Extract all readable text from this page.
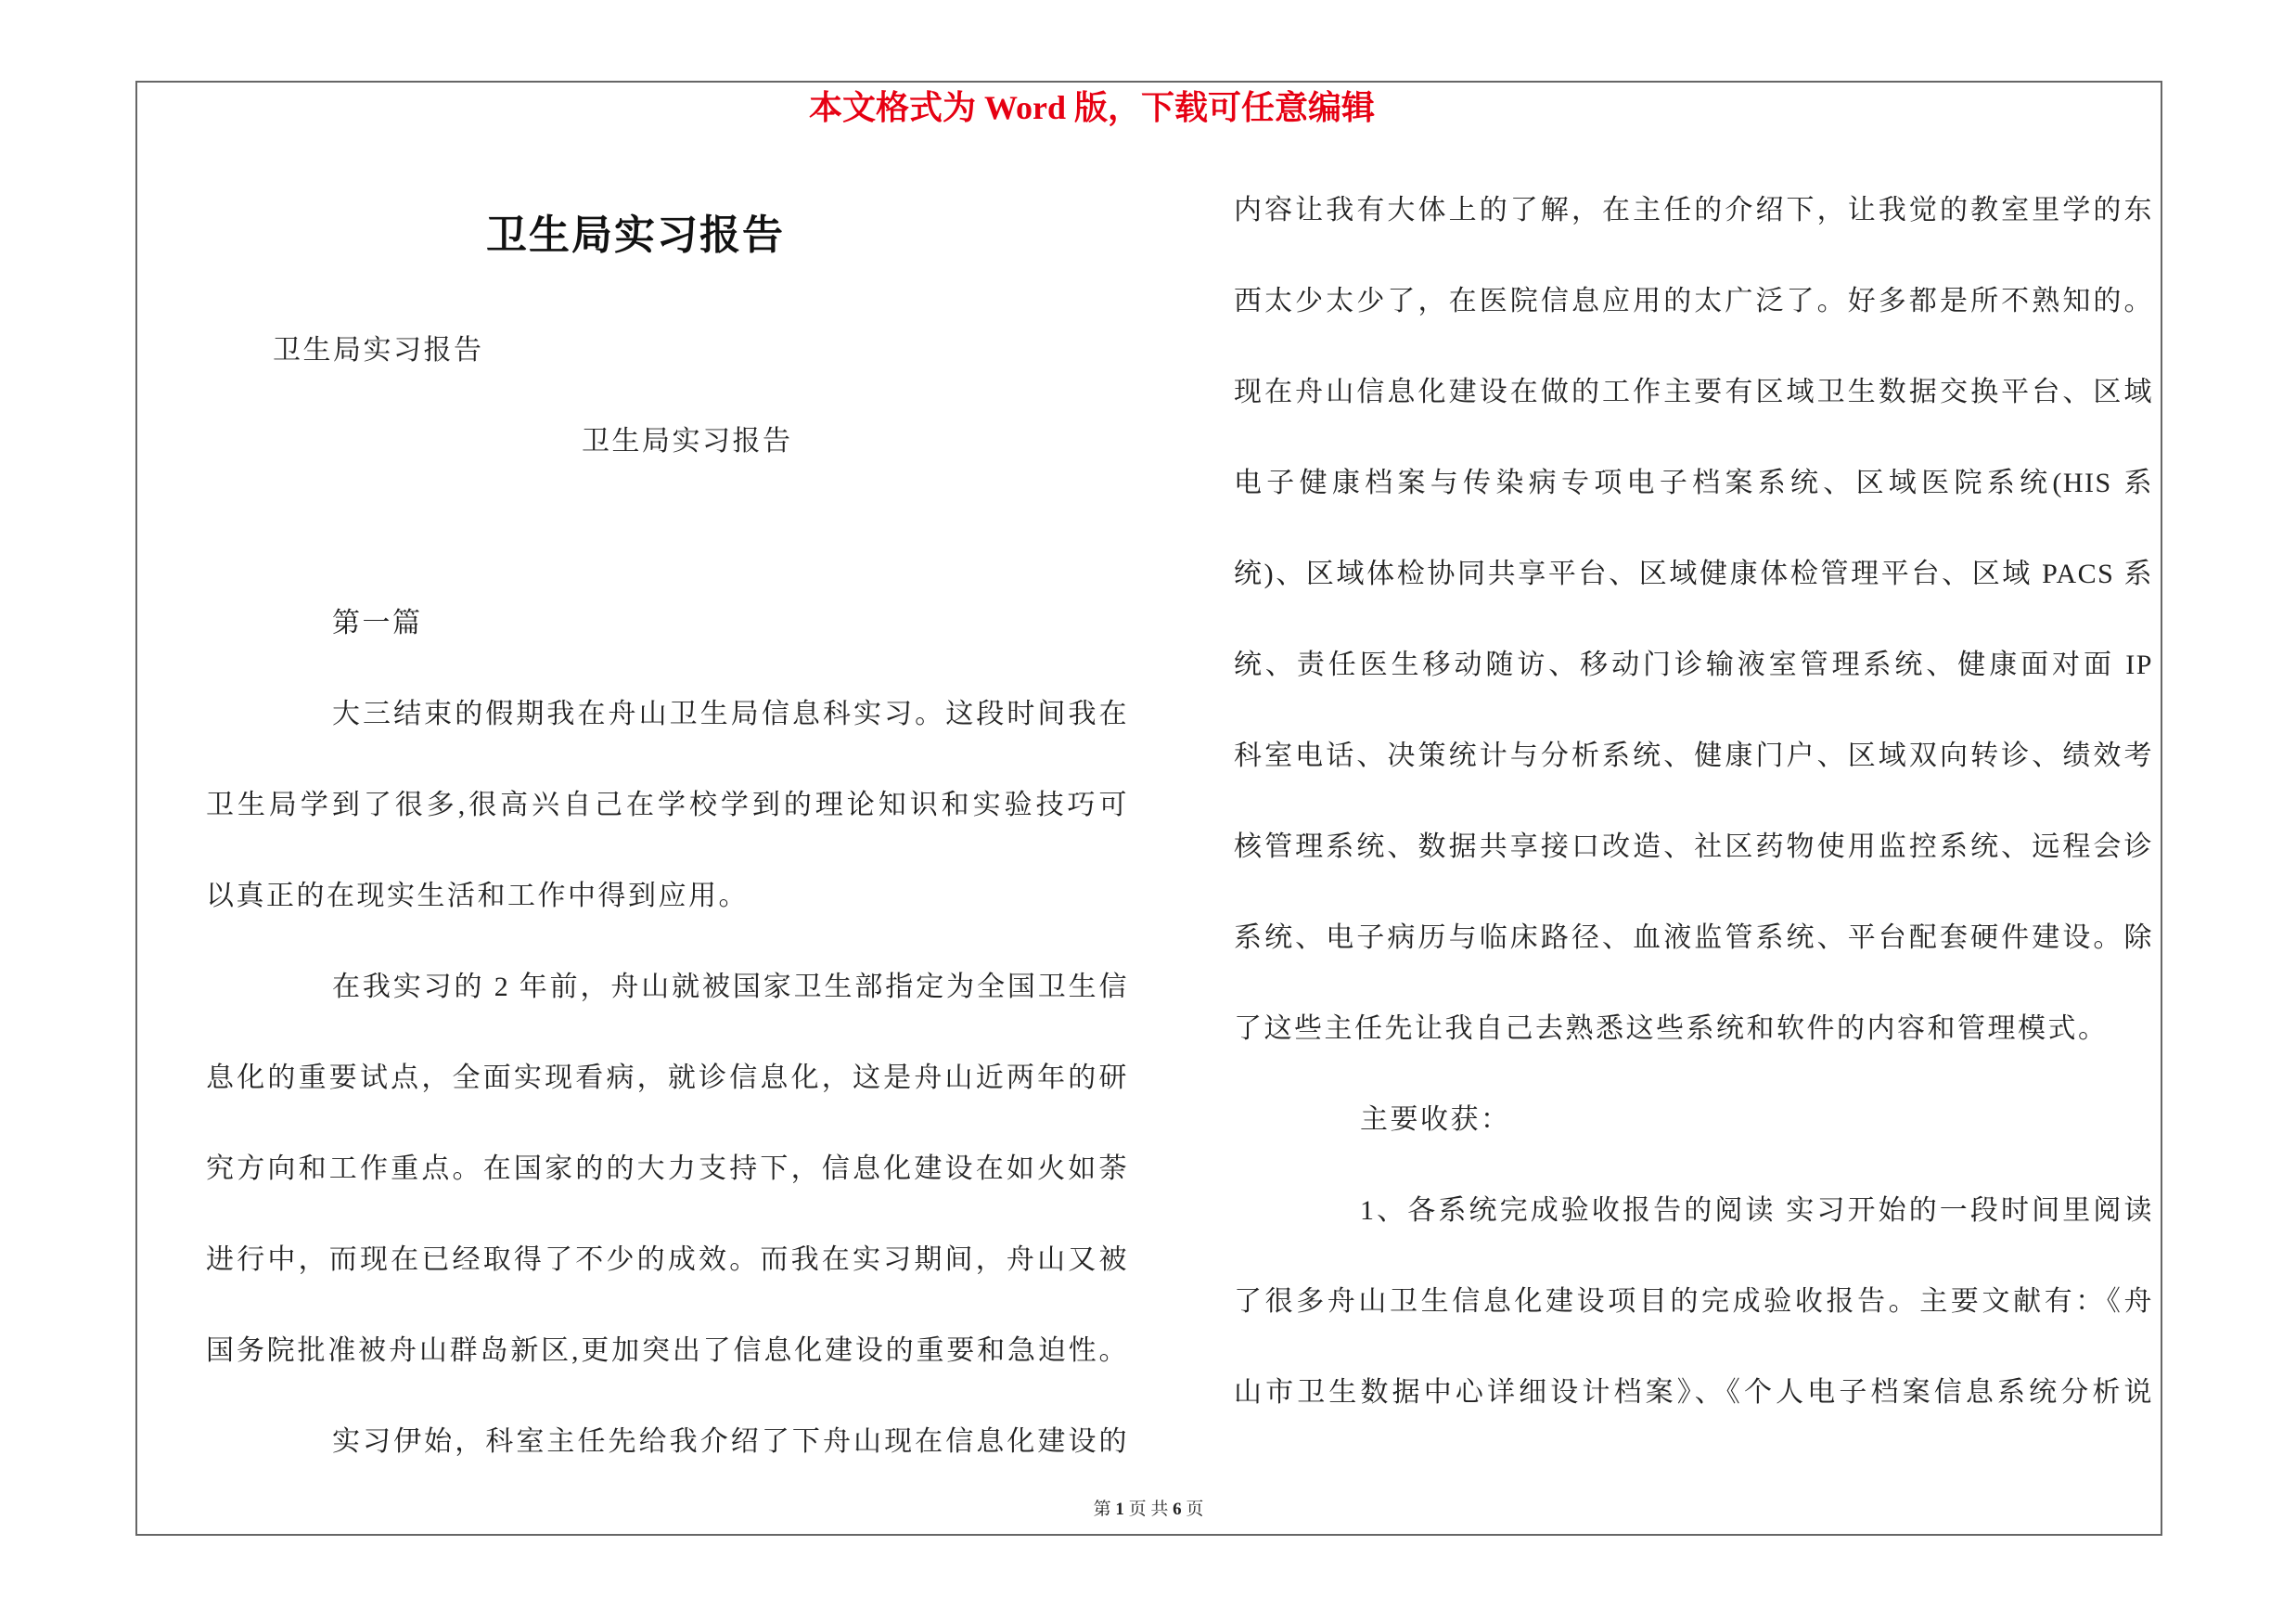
本文格式为 Word 版，下载可任意编辑
卫生局实习报告
卫生局实习报告
卫生局实习报告
第一篇
大三结束的假期我在舟山卫生局信息科实习。这段时间我在
卫生局学到了很多,很高兴自己在学校学到的理论知识和实验技巧可
以真正的在现实生活和工作中得到应用。
在我实习的 2 年前，舟山就被国家卫生部指定为全国卫生信
息化的重要试点，全面实现看病，就诊信息化，这是舟山近两年的研
究方向和工作重点。在国家的的大力支持下，信息化建设在如火如荼
进行中，而现在已经取得了不少的成效。而我在实习期间，舟山又被
国务院批准被舟山群岛新区,更加突出了信息化建设的重要和急迫性。
实习伊始，科室主任先给我介绍了下舟山现在信息化建设的
内容让我有大体上的了解，在主任的介绍下，让我觉的教室里学的东
西太少太少了，在医院信息应用的太广泛了。好多都是所不熟知的。
现在舟山信息化建设在做的工作主要有区域卫生数据交换平台、区域
电子健康档案与传染病专项电子档案系统、区域医院系统(HIS 系
统)、区域体检协同共享平台、区域健康体检管理平台、区域 PACS 系
统、责任医生移动随访、移动门诊输液室管理系统、健康面对面 IP
科室电话、决策统计与分析系统、健康门户、区域双向转诊、绩效考
核管理系统、数据共享接口改造、社区药物使用监控系统、远程会诊
系统、电子病历与临床路径、血液监管系统、平台配套硬件建设。除
了这些主任先让我自己去熟悉这些系统和软件的内容和管理模式。
主要收获：
1、各系统完成验收报告的阅读 实习开始的一段时间里阅读
了很多舟山卫生信息化建设项目的完成验收报告。主要文献有：《舟
山市卫生数据中心详细设计档案》、《个人电子档案信息系统分析说
第 1 页 共 6 页
